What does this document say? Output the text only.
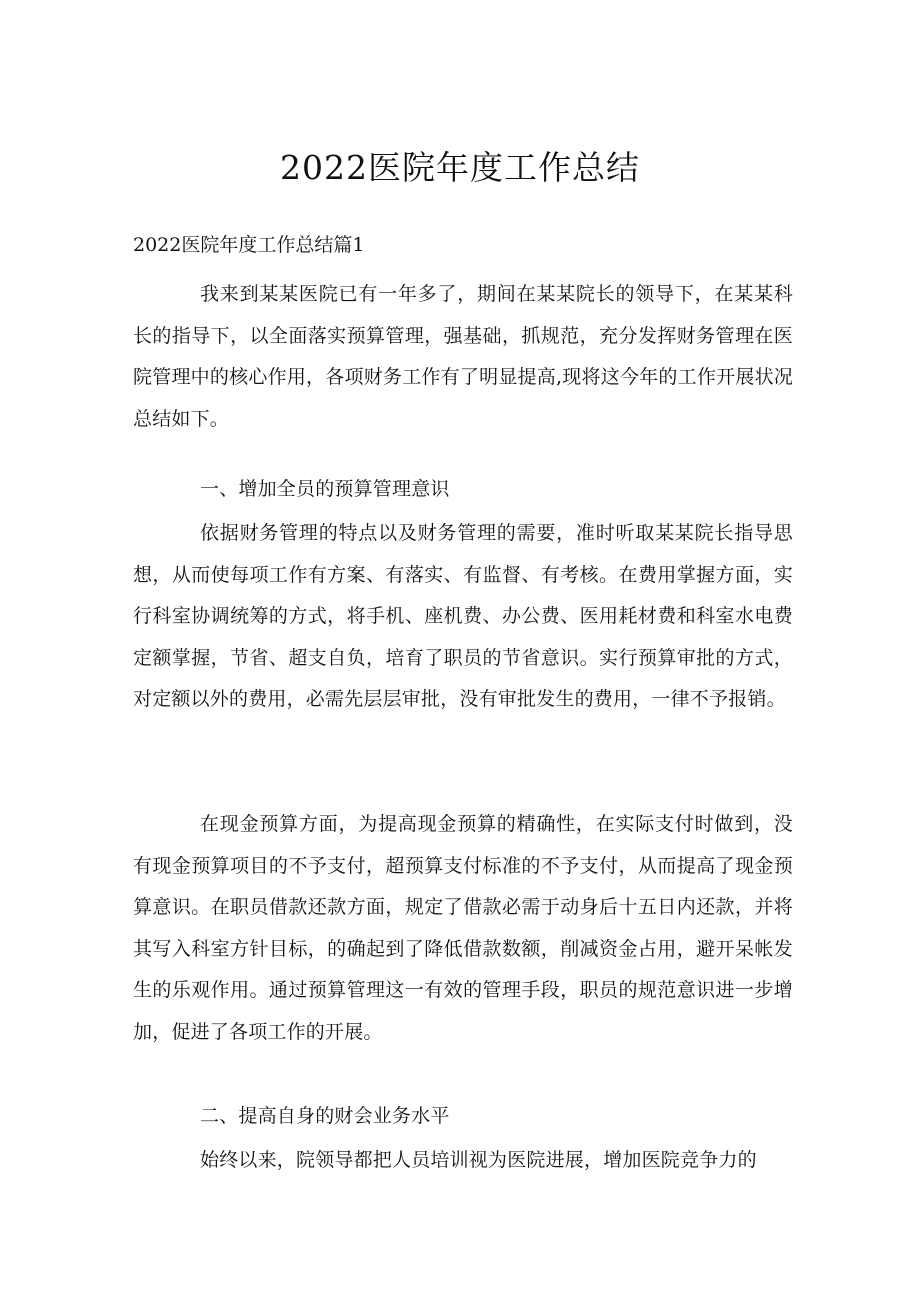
2022医院年度工作总结

2022医院年度工作总结篇1

我来到某某医院已有一年多了，期间在某某院长的领导下，在某某科长的指导下，以全面落实预算管理，强基础，抓规范，充分发挥财务管理在医院管理中的核心作用，各项财务工作有了明显提高,现将这今年的工作开展状况总结如下。

一、增加全员的预算管理意识

依据财务管理的特点以及财务管理的需要，准时听取某某院长指导思想，从而使每项工作有方案、有落实、有监督、有考核。在费用掌握方面，实行科室协调统筹的方式，将手机、座机费、办公费、医用耗材费和科室水电费定额掌握，节省、超支自负，培育了职员的节省意识。实行预算审批的方式，对定额以外的费用，必需先层层审批，没有审批发生的费用，一律不予报销。

在现金预算方面，为提高现金预算的精确性，在实际支付时做到，没有现金预算项目的不予支付，超预算支付标准的不予支付，从而提高了现金预算意识。在职员借款还款方面，规定了借款必需于动身后十五日内还款，并将其写入科室方针目标，的确起到了降低借款数额，削减资金占用，避开呆帐发生的乐观作用。通过预算管理这一有效的管理手段，职员的规范意识进一步增加，促进了各项工作的开展。

二、提高自身的财会业务水平

始终以来，院领导都把人员培训视为医院进展，增加医院竞争力的
